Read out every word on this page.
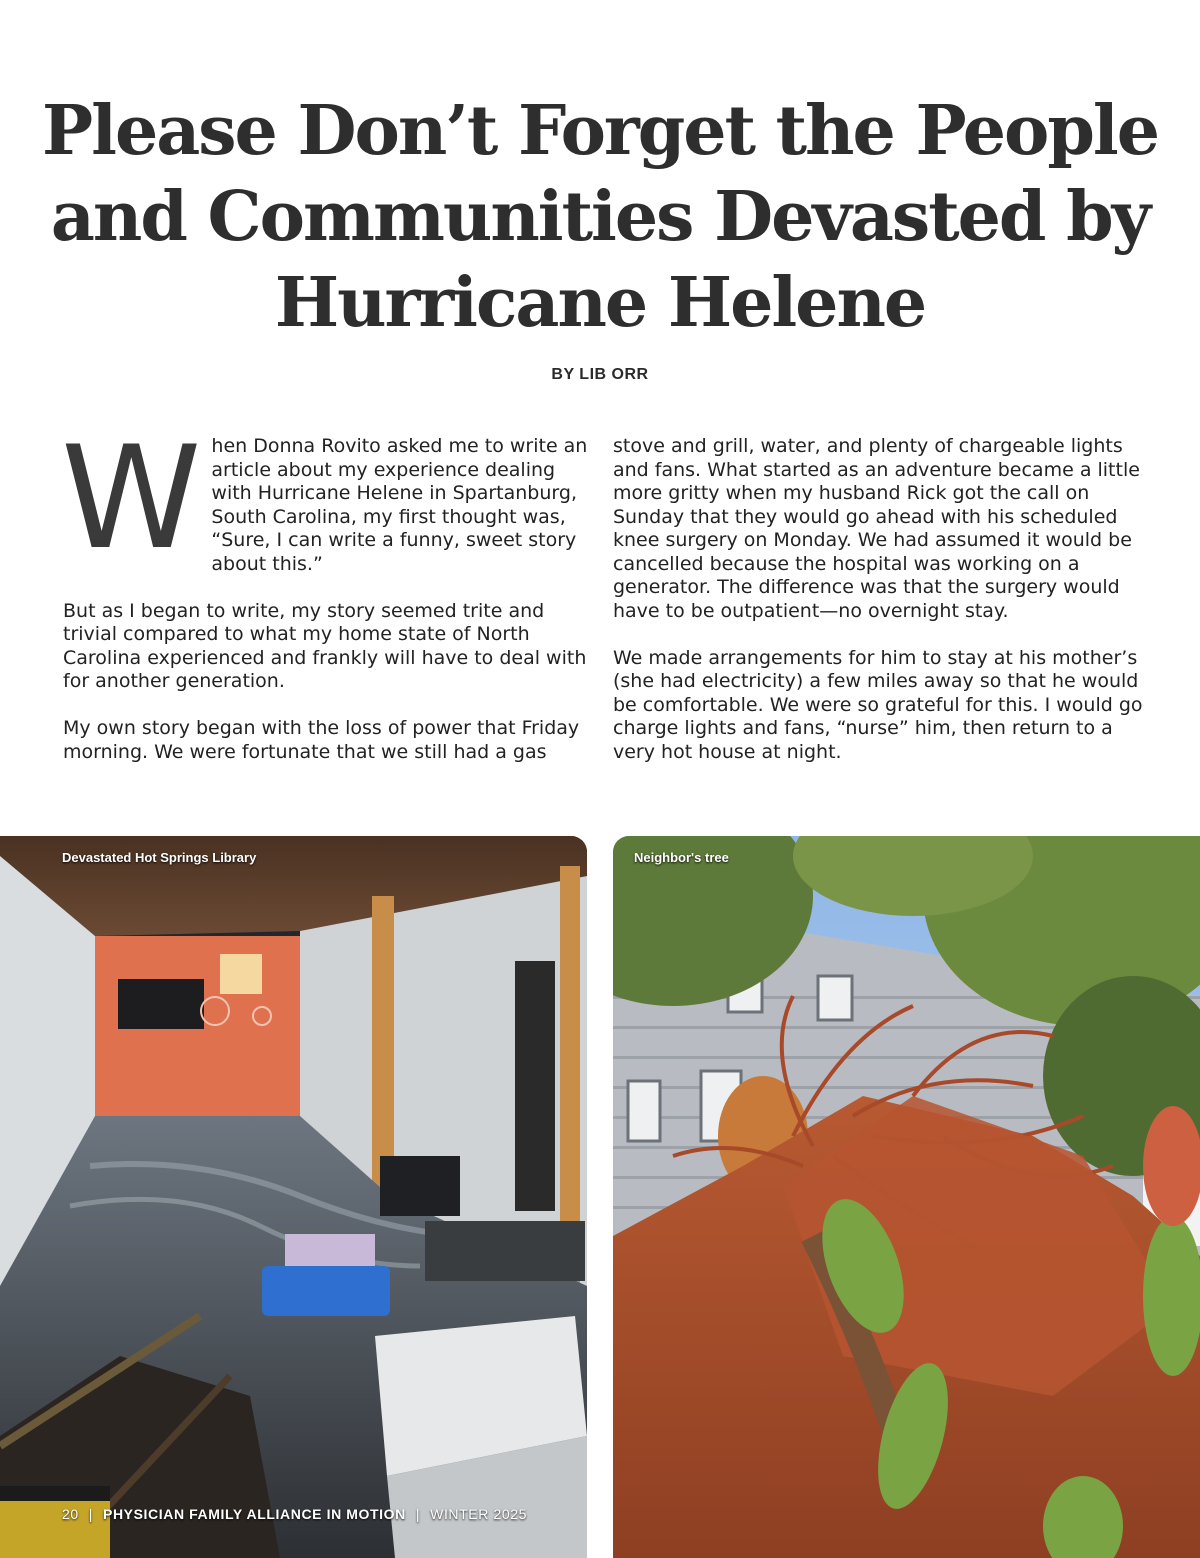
Please Don’t Forget the People and Communities Devasted by Hurricane Helene
BY LIB ORR

When Donna Rovito asked me to write an article about my experience dealing with Hurricane Helene in Spartanburg, South Carolina, my first thought was, “Sure, I can write a funny, sweet story about this.”

But as I began to write, my story seemed trite and trivial compared to what my home state of North Carolina experienced and frankly will have to deal with for another generation.

My own story began with the loss of power that Friday morning. We were fortunate that we still had a gas

stove and grill, water, and plenty of chargeable lights and fans. What started as an adventure became a little more gritty when my husband Rick got the call on Sunday that they would go ahead with his scheduled knee surgery on Monday. We had assumed it would be cancelled because the hospital was working on a generator. The difference was that the surgery would have to be outpatient—no overnight stay.

We made arrangements for him to stay at his mother’s (she had electricity) a few miles away so that he would be comfortable. We were so grateful for this. I would go charge lights and fans, “nurse” him, then return to a very hot house at night.

Devastated Hot Springs Library	Neighbor's tree
20 | PHYSICIAN FAMILY ALLIANCE IN MOTION | WINTER 2025
